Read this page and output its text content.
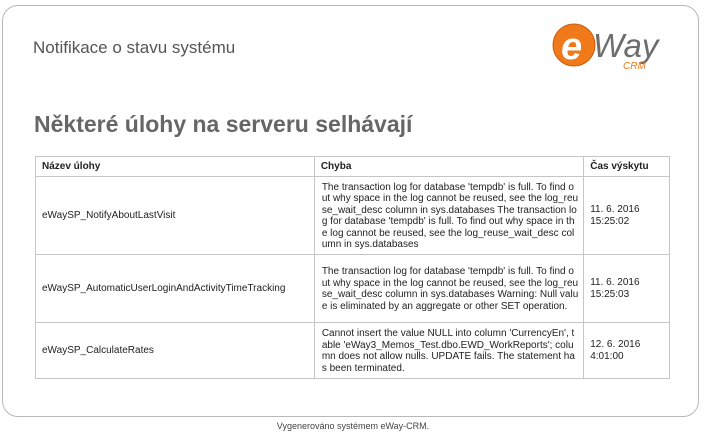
Notifikace o stavu systému	e Way
CRM
Některé úlohy na serveru selhávají
Název úlohy	Chyba	Čas výskytu
eWaySP_NotifyAboutLastVisit	The transaction log for database 'tempdb' is full. To find out why space in the log cannot be reused, see the log_reuse_wait_desc column in sys.databases The transaction log for database 'tempdb' is full. To find out why space in the log cannot be reused, see the log_reuse_wait_desc column in sys.databases	11. 6. 2016 15:25:02
eWaySP_AutomaticUserLoginAndActivityTimeTracking	The transaction log for database 'tempdb' is full. To find out why space in the log cannot be reused, see the log_reuse_wait_desc column in sys.databases Warning: Null value is eliminated by an aggregate or other SET operation.	11. 6. 2016 15:25:03
eWaySP_CalculateRates	Cannot insert the value NULL into column 'CurrencyEn', table 'eWay3_Memos_Test.dbo.EWD_WorkReports'; column does not allow nulls. UPDATE fails. The statement has been terminated.	12. 6. 2016 4:01:00
Vygenerováno systémem eWay-CRM.
